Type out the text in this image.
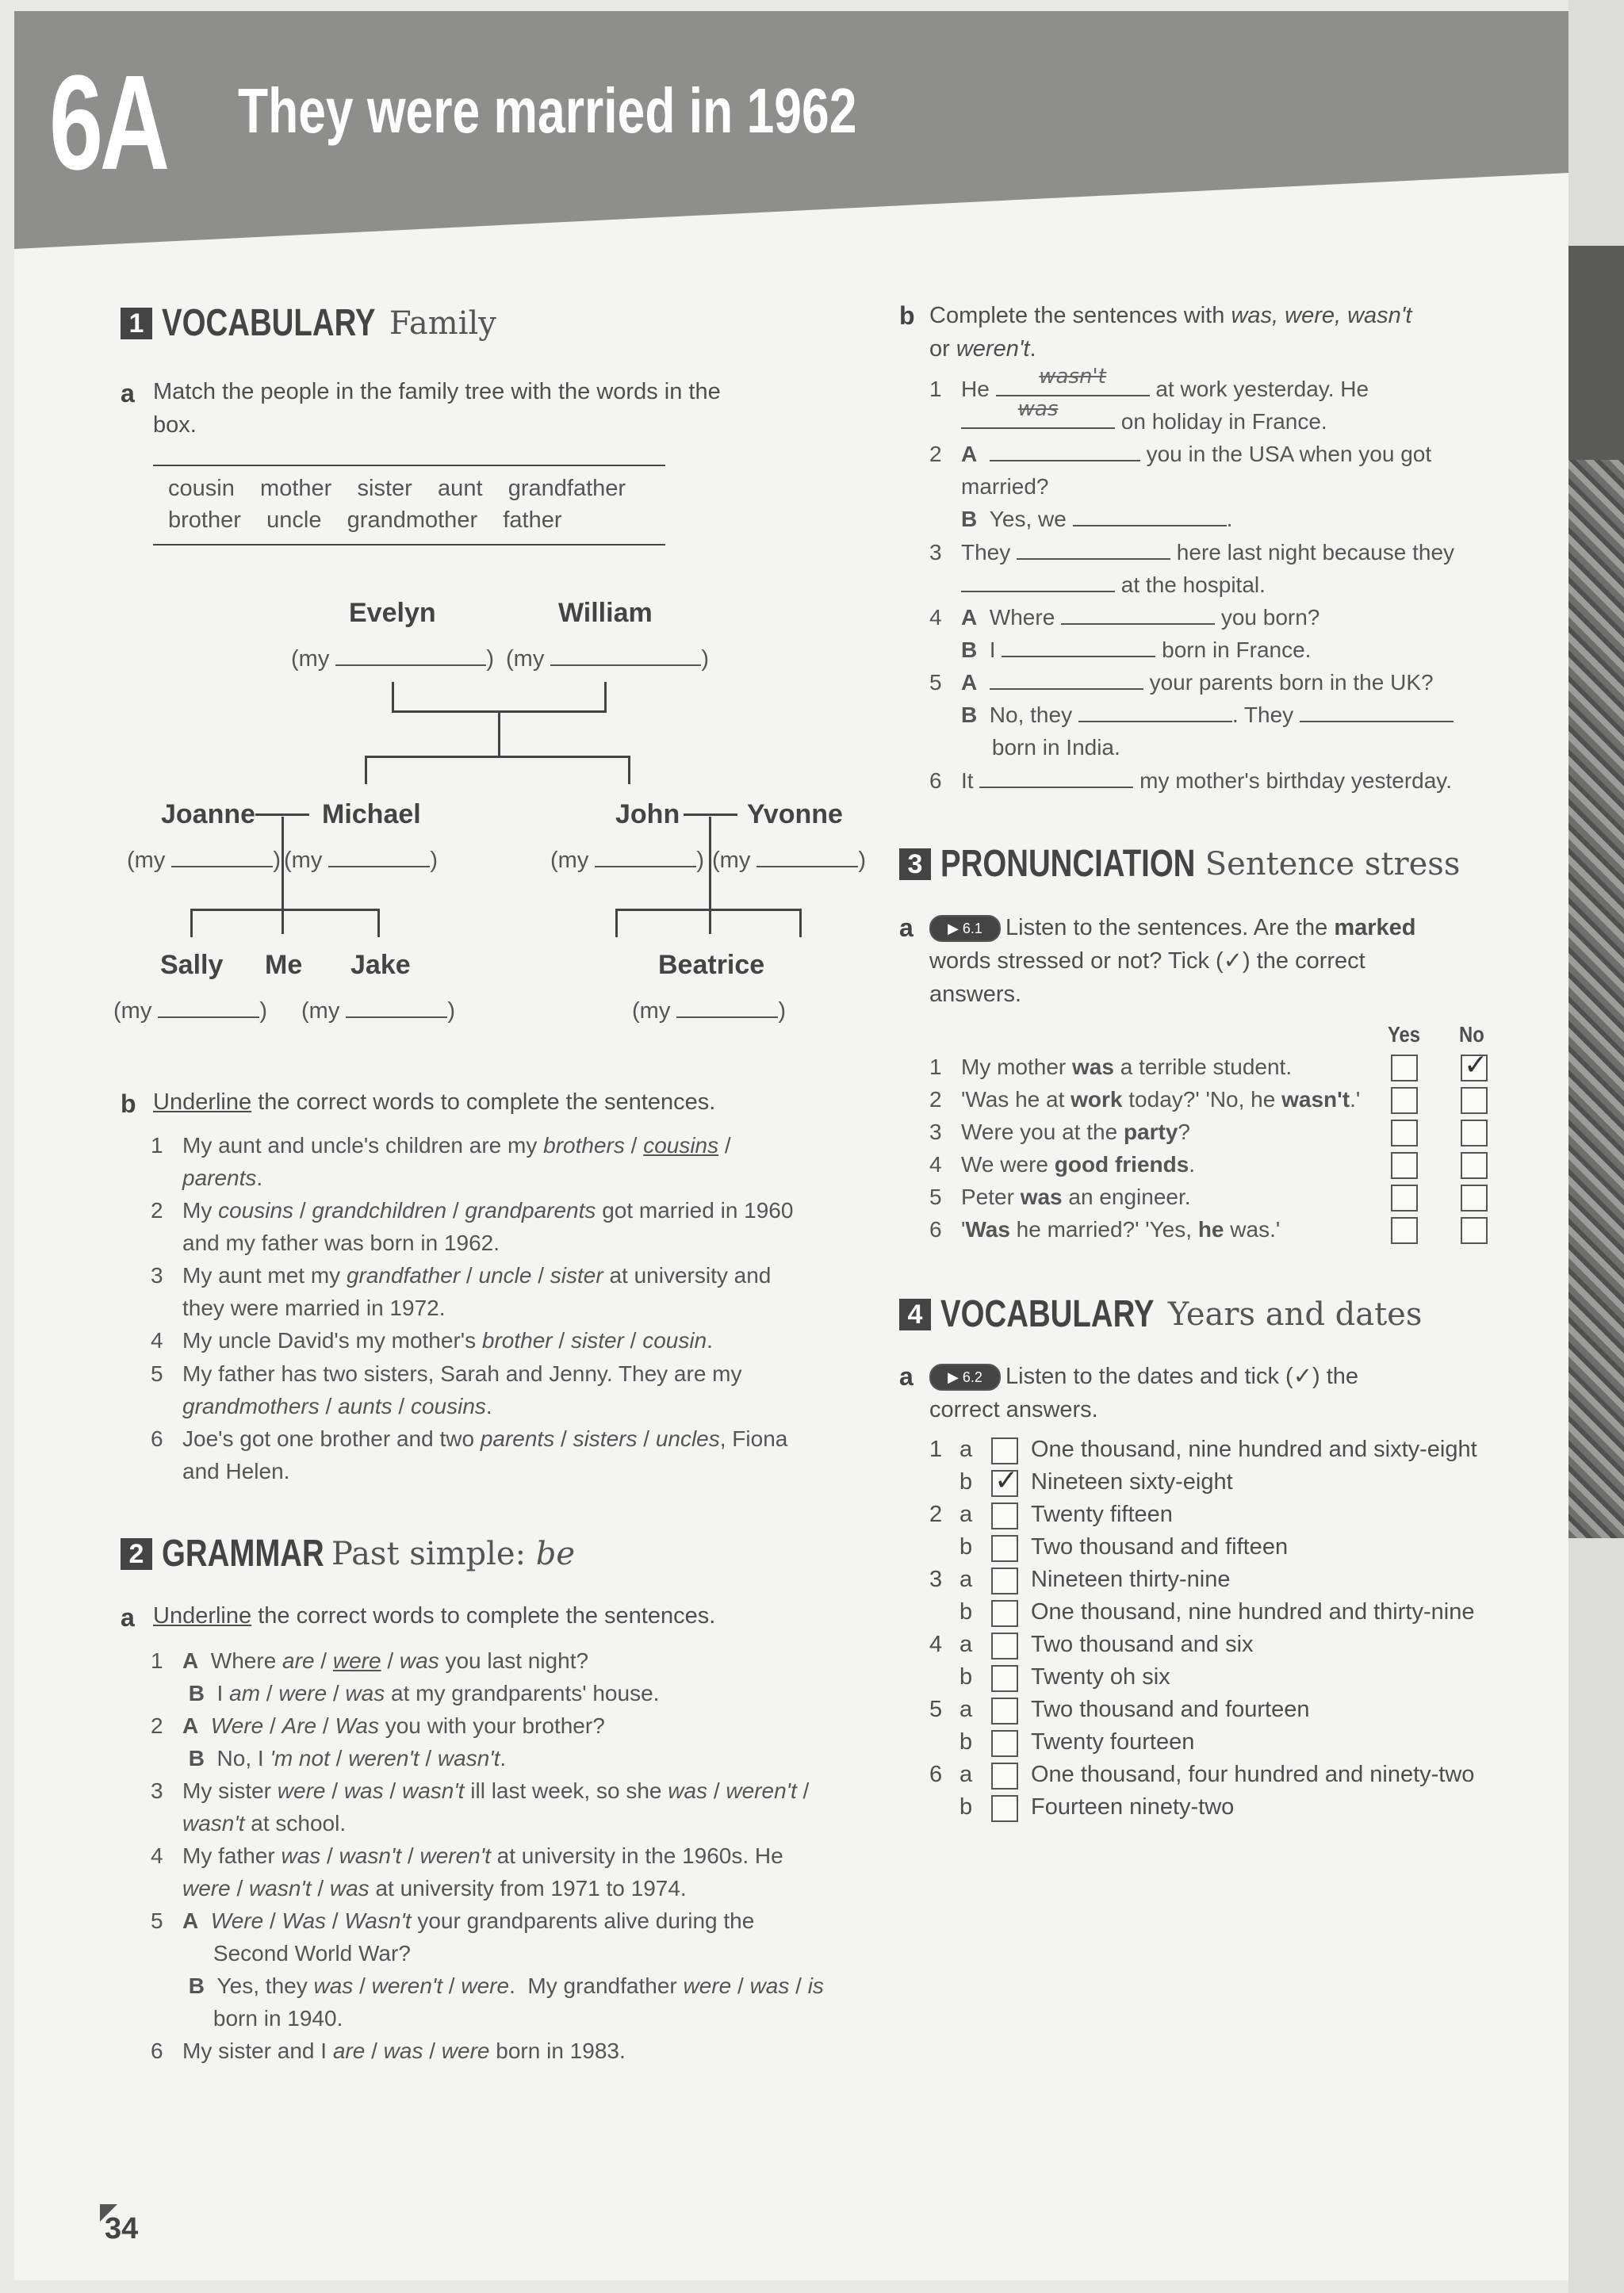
6A They were married in 1962
1 VOCABULARY Family
a Match the people in the family tree with the words in the
box.
cousin    mother    sister    aunt    grandfather
brother    uncle    grandmother    father
Evelyn	William
(my	) (my	)
Joanne Michael	John Yvonne
(my	) (my	)	(my	) (my	)
Sally Me Jake	Beatrice
(my	) (my	)	(my	)
b Underline the correct words to complete the sentences.
1 My aunt and uncle's children are my brothers / cousins /
parents.
2 My cousins / grandchildren / grandparents got married in 1960
and my father was born in 1962.
3 My aunt met my grandfather / uncle / sister at university and
they were married in 1972.
4 My uncle David's my mother's brother / sister / cousin.
5 My father has two sisters, Sarah and Jenny. They are my
grandmothers / aunts / cousins.
6 Joe's got one brother and two parents / sisters / uncles, Fiona
and Helen.
2 GRAMMAR Past simple: be
a Underline the correct words to complete the sentences.
1 A  Where are / were / was you last night?
B  I am / were / was at my grandparents' house.
2 A Were / Are / Was you with your brother?
B  No, I 'm not / weren't / wasn't.
3 My sister were / was / wasn't ill last week, so she was / weren't /
wasn't at school.
4 My father was / wasn't / weren't at university in the 1960s. He
were / wasn't / was at university from 1971 to 1974.
5 A Were / Was / Wasn't your grandparents alive during the
Second World War?
B  Yes, they was / weren't / were.  My grandfather were / was / is
born in 1940.
6 My sister and I are / was / were born in 1983.
b Complete the sentences with was, were, wasn't
or weren't.
1 He	wasn't	at work yesterday. He

was	on holiday in France.
2 A	you in the USA when you got
married?
B  Yes, we	.
3 They	here last night because they
at the hospital.
4 A  Where	you born?
B  I	born in France.
5 A	your parents born in the UK?
B  No, they	. They
born in India.
6 It	my mother's birthday yesterday.
3 PRONUNCIATION Sentence stress
a	▶ 6.1 Listen to the sentences. Are the marked
words stressed or not? Tick (✓) the correct
answers.
Yes No
1 My mother was a terrible student.
2 'Was he at work today?' 'No, he wasn't.'
3 Were you at the party?
4 We were good friends.
5 Peter was an engineer.
6 'Was he married?' 'Yes, he was.'
✓
4 VOCABULARY Years and dates
a	▶ 6.2 Listen to the dates and tick (✓) the
correct answers.
1 a	One thousand, nine hundred and sixty-eight
b
✓	Nineteen sixty-eight
2 a	Twenty fifteen
b	Two thousand and fifteen
3 a	Nineteen thirty-nine
b	One thousand, nine hundred and thirty-nine
4 a	Two thousand and six
b	Twenty oh six
5 a	Two thousand and fourteen
b	Twenty fourteen
6 a	One thousand, four hundred and ninety-two
b	Fourteen ninety-two
34
